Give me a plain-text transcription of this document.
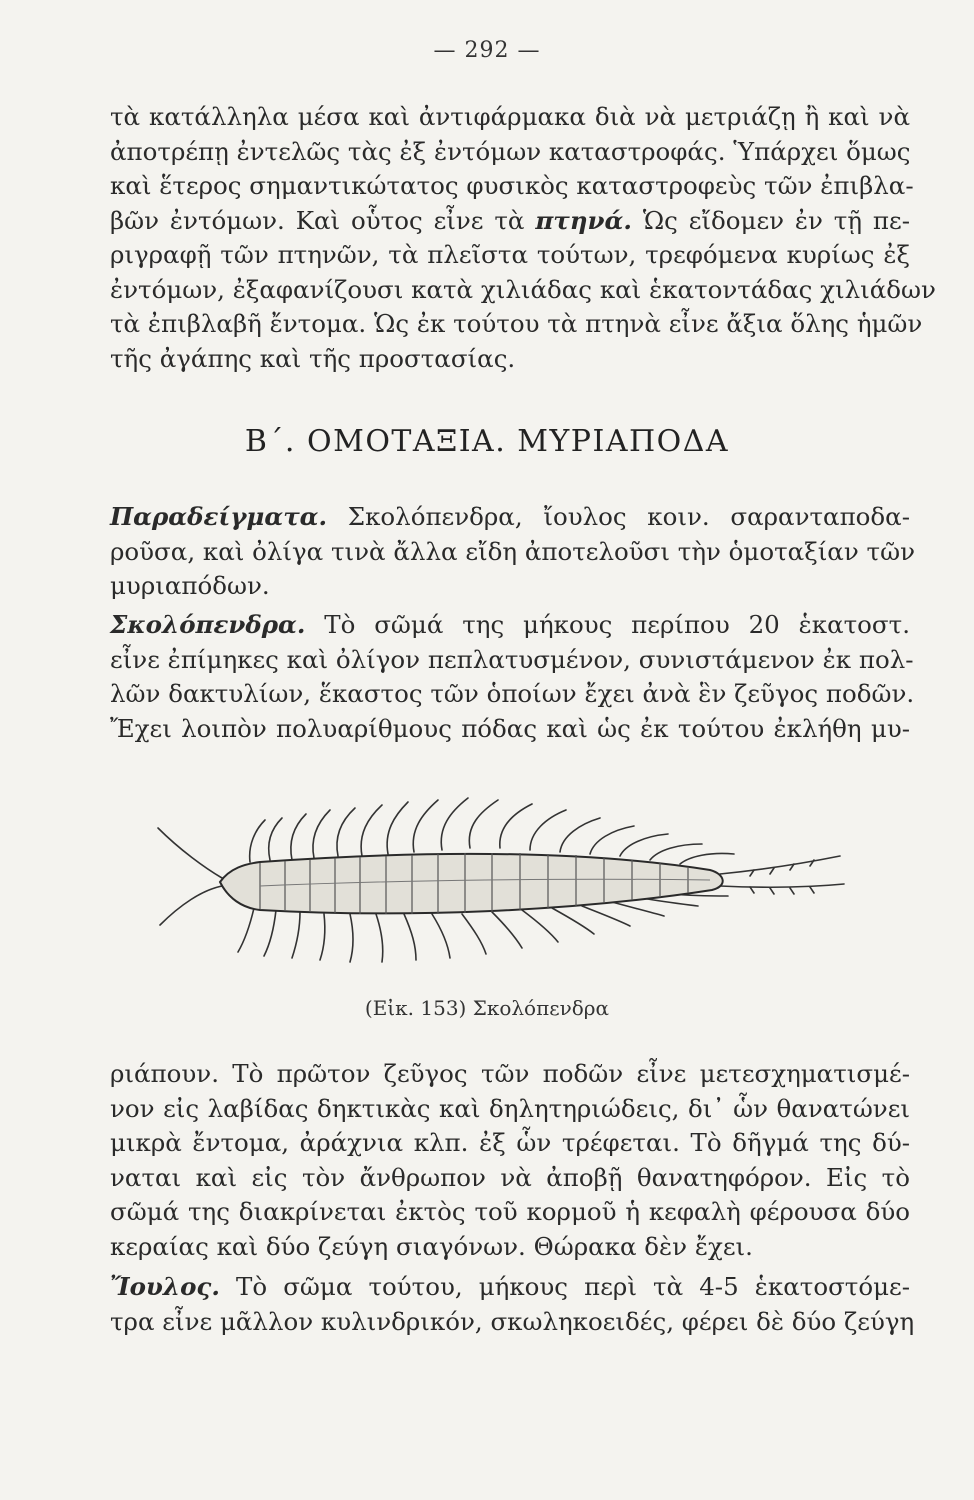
— 292 —
τὰ κατάλληλα μέσα καὶ ἀντιφάρμακα διὰ νὰ μετριάζῃ ἢ καὶ νὰ
ἀποτρέπῃ ἐντελῶς τὰς ἐξ ἐντόμων καταστροφάς. Ὑπάρχει ὅμως
καὶ ἕτερος σημαντικώτατος φυσικὸς καταστροφεὺς τῶν ἐπιβλα-
βῶν ἐντόμων. Καὶ οὗτος εἶνε τὰ πτηνά. Ὡς εἴδομεν ἐν τῇ πε-
ριγραφῇ τῶν πτηνῶν, τὰ πλεῖστα τούτων, τρεφόμενα κυρίως ἐξ
ἐντόμων, ἐξαφανίζουσι κατὰ χιλιάδας καὶ ἑκατοντάδας χιλιάδων
τὰ ἐπιβλαβῆ ἔντομα. Ὡς ἐκ τούτου τὰ πτηνὰ εἶνε ἄξια ὅλης ἡμῶν
τῆς ἀγάπης καὶ τῆς προστασίας.
Β΄. ΟΜΟΤΑΞΙΑ. ΜΥΡΙΑΠΟΔΑ
Παραδείγματα. Σκολόπενδρα, ἴουλος κοιν. σαρανταποδα-
ροῦσα, καὶ ὀλίγα τινὰ ἄλλα εἴδη ἀποτελοῦσι τὴν ὁμοταξίαν τῶν
μυριαπόδων.
Σκολόπενδρα. Τὸ σῶμά της μήκους περίπου 20 ἑκατοστ.
εἶνε ἐπίμηκες καὶ ὀλίγον πεπλατυσμένον, συνιστάμενον ἐκ πολ-
λῶν δακτυλίων, ἕκαστος τῶν ὁποίων ἔχει ἀνὰ ἓν ζεῦγος ποδῶν.
Ἔχει λοιπὸν πολυαρίθμους πόδας καὶ ὡς ἐκ τούτου ἐκλήθη μυ-
(Εἰκ. 153) Σκολόπενδρα
ριάπουν. Τὸ πρῶτον ζεῦγος τῶν ποδῶν εἶνε μετεσχηματισμέ-
νον εἰς λαβίδας δηκτικὰς καὶ δηλητηριώδεις, δι᾽ ὧν θανατώνει
μικρὰ ἔντομα, ἀράχνια κλπ. ἐξ ὧν τρέφεται. Τὸ δῆγμά της δύ-
ναται καὶ εἰς τὸν ἄνθρωπον νὰ ἀποβῇ θανατηφόρον. Εἰς τὸ
σῶμά της διακρίνεται ἐκτὸς τοῦ κορμοῦ ἡ κεφαλὴ φέρουσα δύο
κεραίας καὶ δύο ζεύγη σιαγόνων. Θώρακα δὲν ἔχει.
Ἴουλος. Τὸ σῶμα τούτου, μήκους περὶ τὰ 4-5 ἑκατοστόμε-
τρα εἶνε μᾶλλον κυλινδρικόν, σκωληκοειδές, φέρει δὲ δύο ζεύγη
